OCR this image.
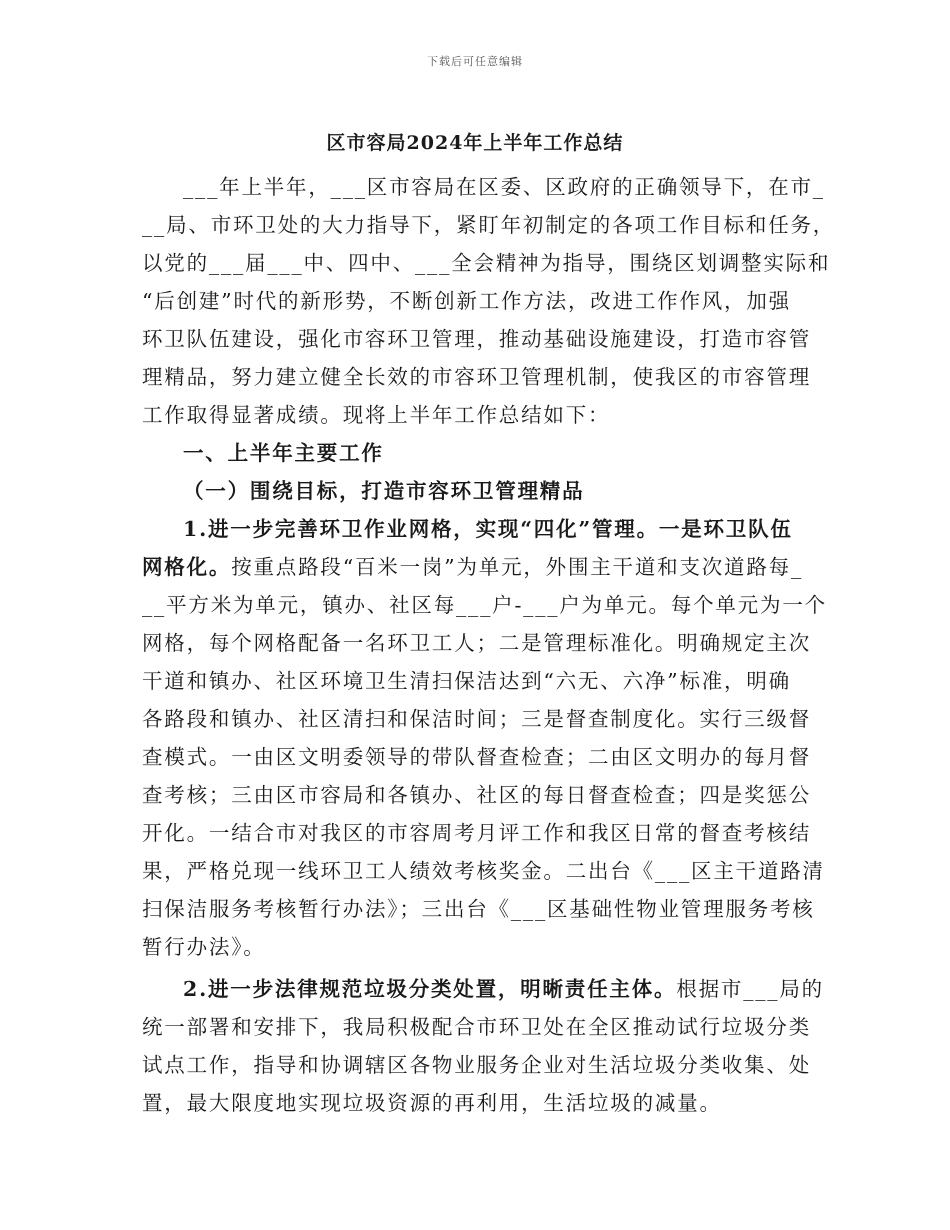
下载后可任意编辑
区市容局2024年上半年工作总结
___年上半年，___区市容局在区委、区政府的正确领导下，在市_
__局、市环卫处的大力指导下，紧盯年初制定的各项工作目标和任务，
以党的___届___中、四中、___全会精神为指导，围绕区划调整实际和
“后创建”时代的新形势，不断创新工作方法，改进工作作风，加强
环卫队伍建设，强化市容环卫管理，推动基础设施建设，打造市容管
理精品，努力建立健全长效的市容环卫管理机制，使我区的市容管理
工作取得显著成绩。现将上半年工作总结如下：
一、上半年主要工作
（一）围绕目标，打造市容环卫管理精品
1.进一步完善环卫作业网格，实现“四化”管理。一是环卫队伍
网格化。按重点路段“百米一岗”为单元，外围主干道和支次道路每_
__平方米为单元，镇办、社区每___户-___户为单元。每个单元为一个
网格，每个网格配备一名环卫工人；二是管理标准化。明确规定主次
干道和镇办、社区环境卫生清扫保洁达到“六无、六净”标准，明确
各路段和镇办、社区清扫和保洁时间；三是督查制度化。实行三级督
查模式。一由区文明委领导的带队督查检查；二由区文明办的每月督
查考核；三由区市容局和各镇办、社区的每日督查检查；四是奖惩公
开化。一结合市对我区的市容周考月评工作和我区日常的督查考核结
果，严格兑现一线环卫工人绩效考核奖金。二出台《___区主干道路清
扫保洁服务考核暂行办法》；三出台《___区基础性物业管理服务考核
暂行办法》。
2.进一步法律规范垃圾分类处置，明晰责任主体。根据市___局的
统一部署和安排下，我局积极配合市环卫处在全区推动试行垃圾分类
试点工作，指导和协调辖区各物业服务企业对生活垃圾分类收集、处
置，最大限度地实现垃圾资源的再利用，生活垃圾的减量。
